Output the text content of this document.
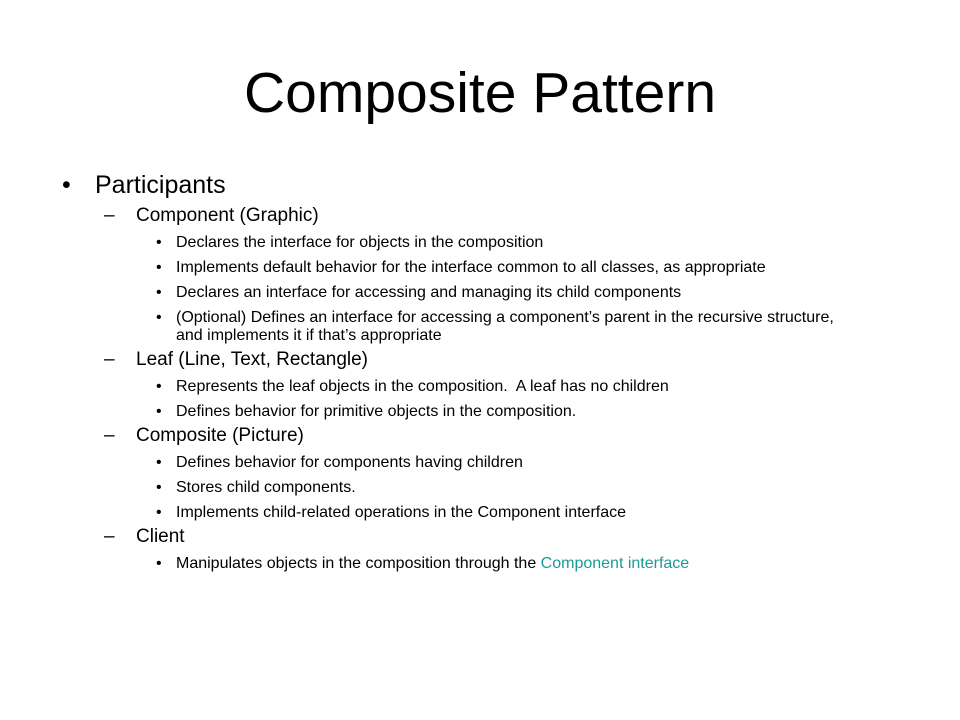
Composite Pattern
• Participants
– Component (Graphic)
• Declares the interface for objects in the composition
• Implements default behavior for the interface common to all classes, as appropriate
• Declares an interface for accessing and managing its child components
• (Optional) Defines an interface for accessing a component’s parent in the recursive structure, and implements it if that’s appropriate
– Leaf (Line, Text, Rectangle)
• Represents the leaf objects in the composition.  A leaf has no children
• Defines behavior for primitive objects in the composition.
– Composite (Picture)
• Defines behavior for components having children
• Stores child components.
• Implements child-related operations in the Component interface
– Client
• Manipulates objects in the composition through the Component interface
